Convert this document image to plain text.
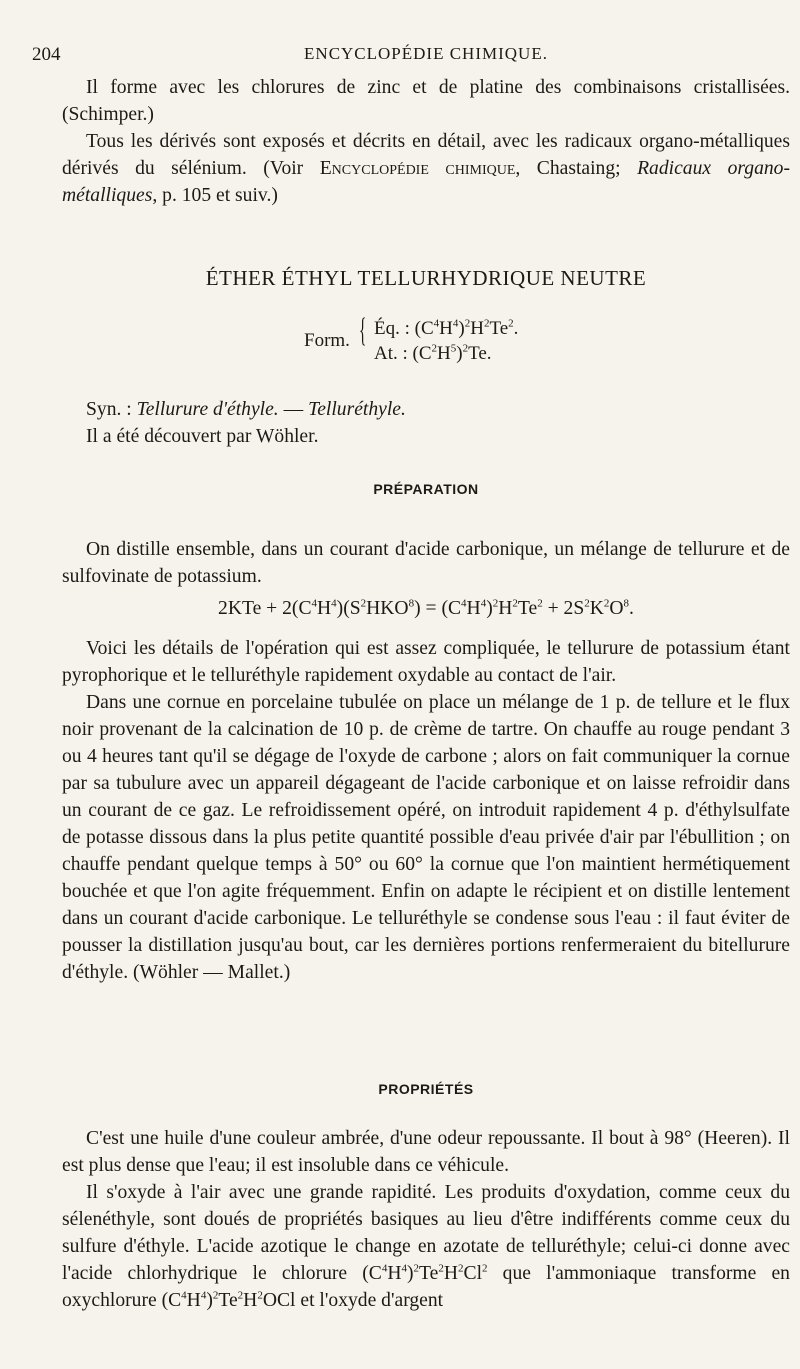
204	ENCYCLOPÉDIE CHIMIQUE.

Il forme avec les chlorures de zinc et de platine des combinaisons cristallisées. (Schimper.)

Tous les dérivés sont exposés et décrits en détail, avec les radicaux organo-métalliques dérivés du sélénium. (Voir Encyclopédie chimique, Chastaing; Radicaux organo-métalliques, p. 105 et suiv.)

ÉTHER ÉTHYL TELLURHYDRIQUE NEUTRE
Form. { Éq. : $(C^4H^4)^2H^2Te^2$.
At. : $(C^2H^5)^2Te$.
Syn. : Tellurure d'éthyle. — Telluréthyle.
Il a été découvert par Wöhler.
PRÉPARATION

On distille ensemble, dans un courant d'acide carbonique, un mélange de tellurure et de sulfovinate de potassium.

$2KTe + 2(C^4H^4)(S^2HKO^8) = (C^4H^4)^2H^2Te^2 + 2S^2K^2O^8$.

Voici les détails de l'opération qui est assez compliquée, le tellurure de potassium étant pyrophorique et le telluréthyle rapidement oxydable au contact de l'air.

Dans une cornue en porcelaine tubulée on place un mélange de 1 p. de tellure et le flux noir provenant de la calcination de 10 p. de crème de tartre. On chauffe au rouge pendant 3 ou 4 heures tant qu'il se dégage de l'oxyde de carbone ; alors on fait communiquer la cornue par sa tubulure avec un appareil dégageant de l'acide carbonique et on laisse refroidir dans un courant de ce gaz. Le refroidissement opéré, on introduit rapidement 4 p. d'éthylsulfate de potasse dissous dans la plus petite quantité possible d'eau privée d'air par l'ébullition ; on chauffe pendant quelque temps à 50° ou 60° la cornue que l'on maintient hermétiquement bouchée et que l'on agite fréquemment. Enfin on adapte le récipient et on distille lentement dans un courant d'acide carbonique. Le telluréthyle se condense sous l'eau : il faut éviter de pousser la distillation jusqu'au bout, car les dernières portions renfermeraient du bitellurure d'éthyle. (Wöhler — Mallet.)

PROPRIÉTÉS

C'est une huile d'une couleur ambrée, d'une odeur repoussante. Il bout à 98° (Heeren). Il est plus dense que l'eau; il est insoluble dans ce véhicule.

Il s'oxyde à l'air avec une grande rapidité. Les produits d'oxydation, comme ceux du sélenéthyle, sont doués de propriétés basiques au lieu d'être indifférents comme ceux du sulfure d'éthyle. L'acide azotique le change en azotate de telluréthyle; celui-ci donne avec l'acide chlorhydrique le chlorure $(C^4H^4)^2Te^2H^2Cl^2$ que l'ammoniaque transforme en oxychlorure $(C^4H^4)^2Te^2H^2OCl$ et l'oxyde d'argent
